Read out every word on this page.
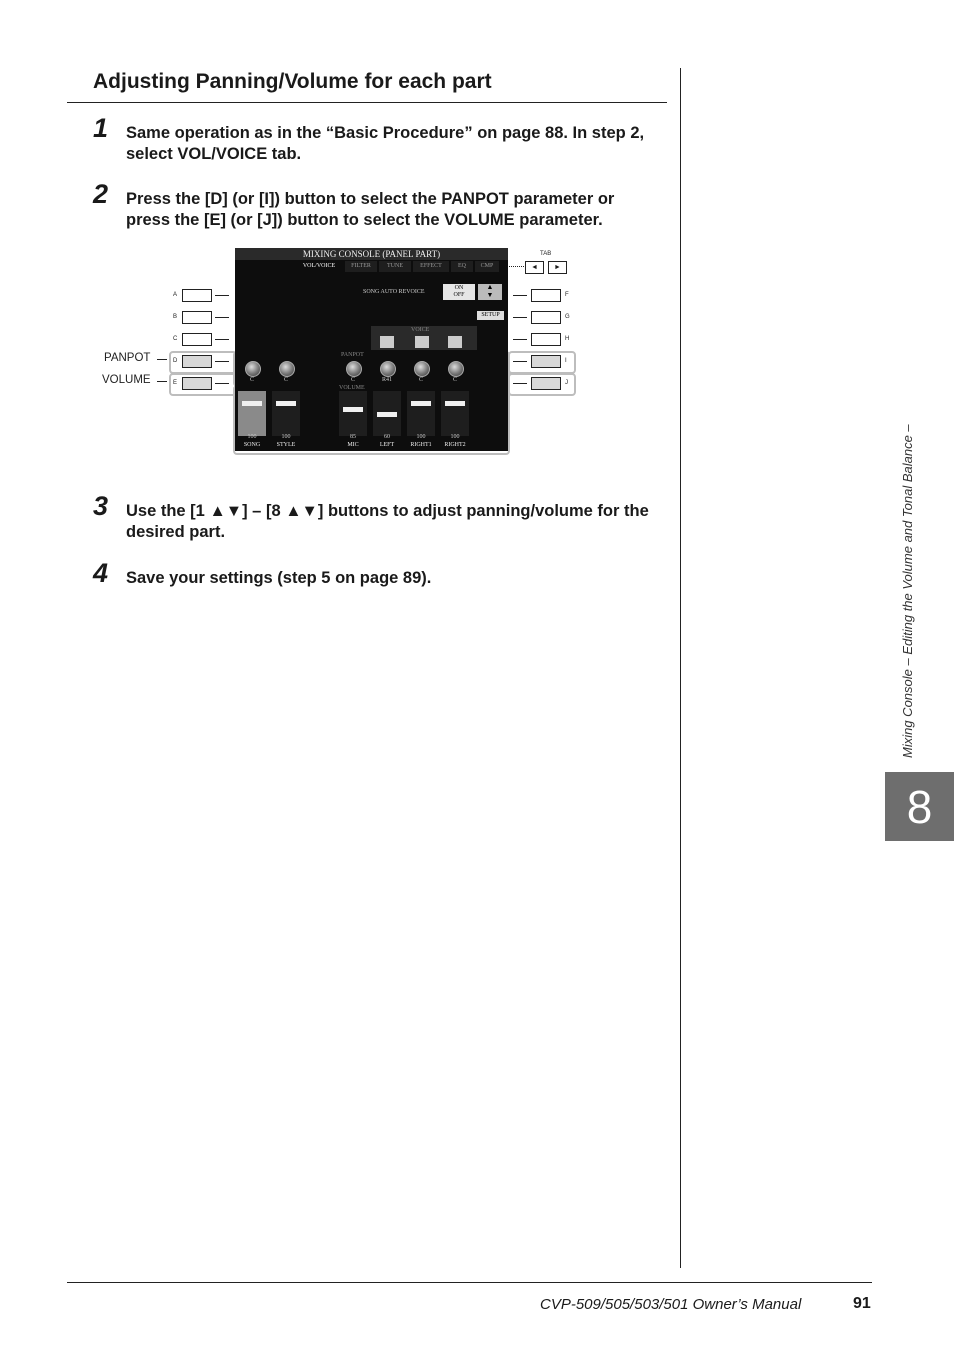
Adjusting Panning/Volume for each part
1 Same operation as in the “Basic Procedure” on page 88. In step 2, select VOL/VOICE tab.
2 Press the [D] (or [I]) button to select the PANPOT parameter or press the [E] (or [J]) button to select the VOLUME parameter.
A
B
C
D
E
PANPOT
VOLUME
F
G
H
I
J
TAB
◄	►
MIXING CONSOLE (PANEL PART)
VOL/VOICE	FILTER	TUNE	EFFECT	EQ	CMP
SONG AUTO REVOICE
ON
OFF
▲
▼
SETUP
VOICE
PANPOT
VOLUME
C	C	C	R41	C	C
100	100	85	60	100	100
SONG	STYLE	MIC	LEFT	RIGHT1	RIGHT2
3 Use the [1 ▲▼] – [8 ▲▼] buttons to adjust panning/volume for the desired part.
4 Save your settings (step 5 on page 89).	Mixing Console – Editing the Volume and Tonal Balance –
8
CVP-509/505/503/501 Owner’s Manual	91
